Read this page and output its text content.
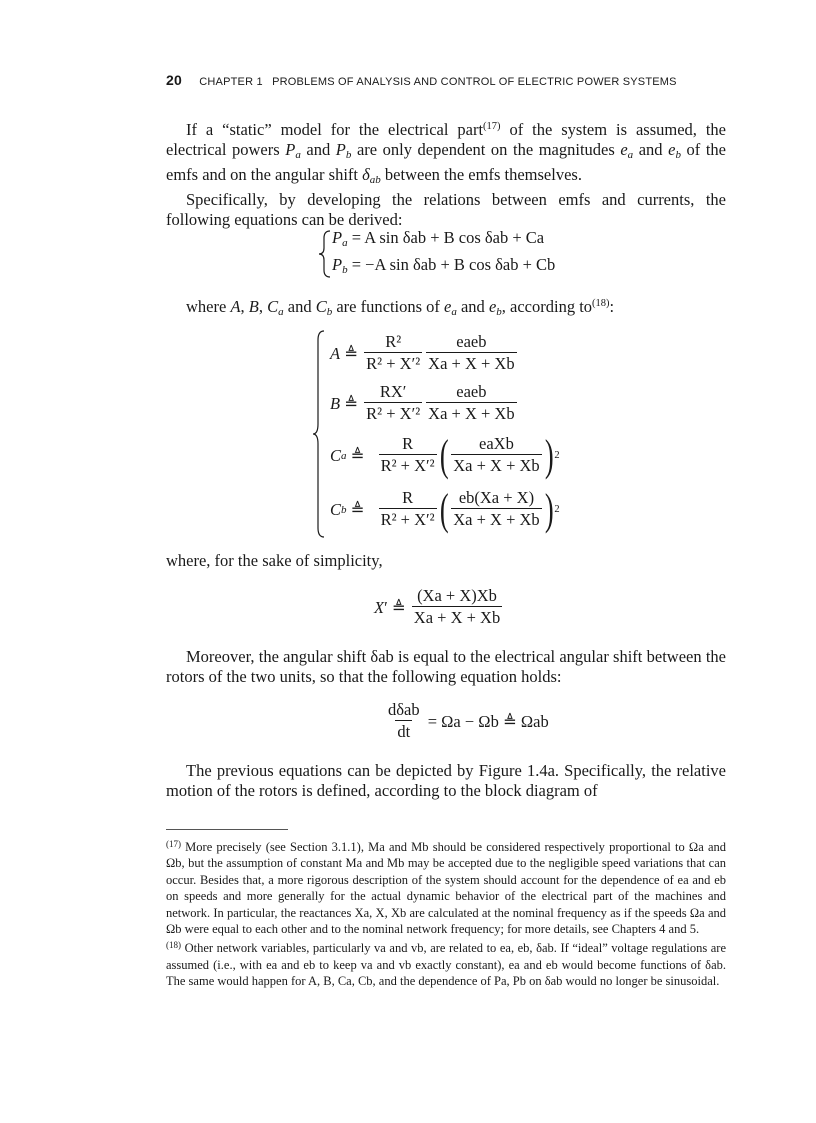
20 CHAPTER 1 PROBLEMS OF ANALYSIS AND CONTROL OF ELECTRIC POWER SYSTEMS

If a “static” model for the electrical part$^{(17)}$ of the system is assumed, the electrical powers $P_a$ and $P_b$ are only dependent on the magnitudes $e_a$ and $e_b$ of the emfs and on the angular shift $\delta_{ab}$ between the emfs themselves.

Specifically, by developing the relations between emfs and currents, the following equations can be derived:

$P_a = A$ sin δab + B cos δab + Ca
$P_b = -A$ sin δab + B cos δab + Cb

where A, B, $C_a$ and $C_b$ are functions of $e_a$ and $e_b$, according $to^{(18)}$:

A ≜ $\frac{\text{R²}}{\text{R² + X′²}} \frac{\text{eaeb}}{Xa + X + Xb}$
B ≜ $\frac{RX'}{\text{R² + X′²}} \frac{\text{eaeb}}{Xa + X + Xb}$
C a ≜ $\frac{R}{\text{R² + X′²}}$ ( $\frac{\text{eaXb}}{Xa + X + Xb}$ ) 2
C b ≜ $\frac{R}{\text{R² + X′²}}$ ( $\frac{eb(Xa + X)}{Xa + X + Xb}$ ) 2

where, for the sake of simplicity,

X ′ ≜ $\frac{(Xa + X)Xb}{Xa + X + Xb}$

Moreover, the angular shift δab is equal to the electrical angular shift between the rotors of the two units, so that the following equation holds:

$\frac{\text{dδab}}{dt}$
= Ωa − Ωb ≜ Ωab

The previous equations can be depicted by Figure 1.4a. Specifically, the relative motion of the rotors is defined, according to the block diagram of

$^{(17)}$ More precisely (see Section 3.1.1), Ma and Mb should be considered respectively proportional to Ωa and Ωb, but the assumption of constant Ma and Mb may be accepted due to the negligible speed variations that can occur. Besides that, a more rigorous description of the system should account for the dependence of ea and eb on speeds and more generally for the actual dynamic behavior of the electrical part of the machines and network. In particular, the reactances Xa, X, Xb are calculated at the nominal frequency as if the speeds Ωa and Ωb were equal to each other and to the nominal network frequency; for more details, see Chapters 4 and 5.

$^{(18)}$ Other network variables, particularly va and vb, are related to ea, eb, δab. If “ideal” voltage regulations are assumed (i.e., with ea and eb to keep va and vb exactly constant), ea and eb would become functions of δab. The same would happen for A, B, Ca, Cb, and the dependence of Pa, Pb on δab would no longer be sinusoidal.
